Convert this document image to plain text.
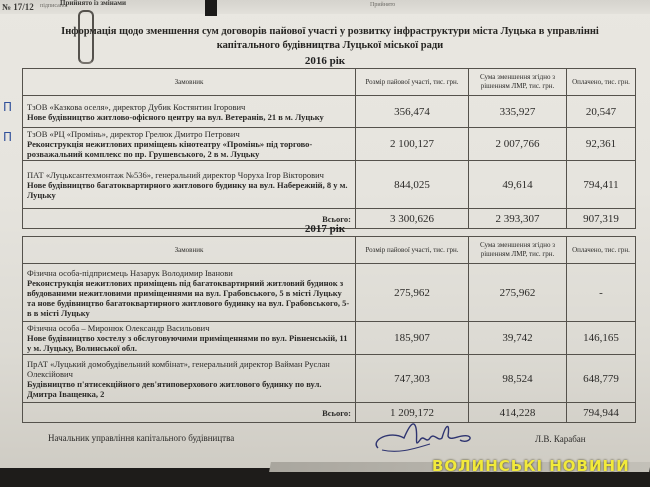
№ 17/12 підписано
Прийнято із змінами	Прийнято
Інформація щодо зменшення сум договорів пайової участі у розвитку інфраструктури міста Луцька в управлінні
капітального будівництва Луцької міської ради
2016 рік
Замовник	Розмір пайової участі, тис. грн.	Сума зменшення згідно з рішенням ЛМР, тис. грн.	Оплачено, тис. грн.

ТзОВ «Казкова оселя», директор Дубик Костянтин Ігорович
Нове будівництво житлово-офісного центру на вул. Ветеранів, 21 в м. Луцьку	356,474	335,927	20,547

ТзОВ «РЦ «Промінь», директор Грелюк Дмитро Петрович
Реконструкція нежитлових приміщень кінотеатру «Промінь» під торгово-розважальний комплекс по пр. Грушевського, 2 в м. Луцьку	2 100,127	2 007,766	92,361

ПАТ «Луцьксантехмонтаж №536», генеральний директор Чоруха Ігор Вікторович
Нове будівництво багатоквартирного житлового будинку на вул. Набережній, 8 у м. Луцьку	844,025	49,614	794,411
Всього:	3 300,626	2 393,307	907,319
2017 рік
Замовник	Розмір пайової участі, тис. грн.	Сума зменшення згідно з рішенням ЛМР, тис. грн.	Оплачено, тис. грн.

Фізична особа-підприємець Назарук Володимир Іванови
Реконструкція нежитлових приміщень під багатоквартирний житловий будинок з вбудованими нежитловими приміщеннями на вул. Грабовського, 5 в місті Луцьку та нове будівництво багатоквартирного житлового будинку на вул. Грабовського, 5-в в місті Луцьку	275,962	275,962	-

Фізична особа – Миронюк Олександр Васильович
Нове будівництво хостелу з обслуговуючими приміщеннями по вул. Рівненській, 11 у м. Луцьку, Волинської обл.	185,907	39,742	146,165

ПрАТ «Луцький домобудівельний комбінат», генеральний директор Вайман Руслан Олексійович
Будівництво п'ятисекційного дев'ятиповерхового житлового будинку по вул. Дмитра Іващенка, 2	747,303	98,524	648,779
Всього:	1 209,172	414,228	794,944
П
П
Начальник управління капітального будівництва	Л.В. Карабан
ВОЛИНСЬКІ НОВИНИ
